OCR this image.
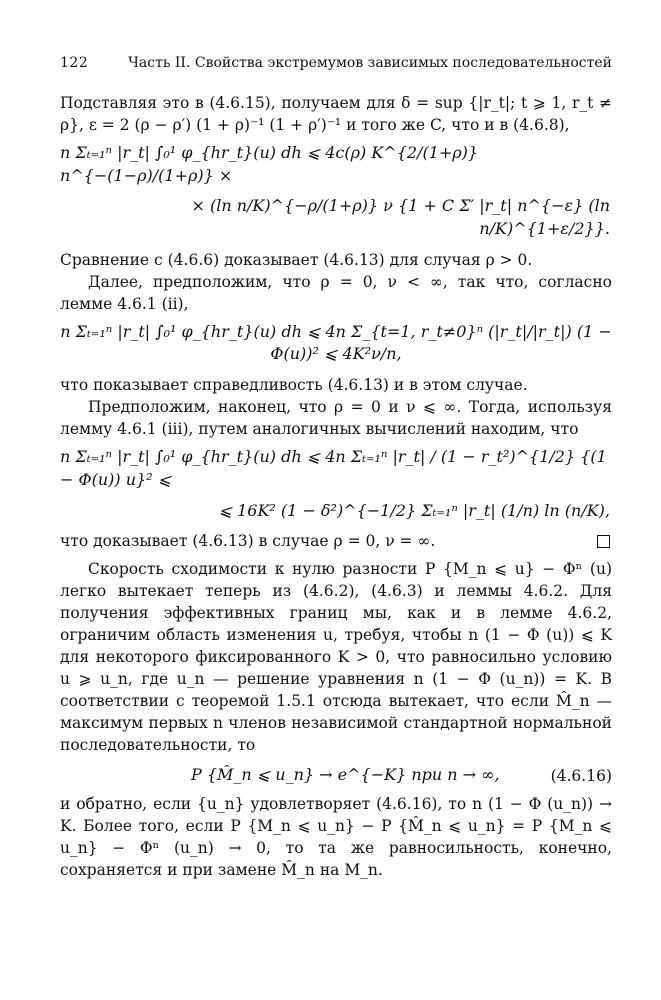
122	Часть II. Свойства экстремумов зависимых последовательностей

Подставляя это в (4.6.15), получаем для δ = sup {|r_t|; t ⩾ 1, r_t ≠ ρ}, ε = 2 (ρ − ρ′) (1 + ρ)⁻¹ (1 + ρ′)⁻¹ и того же C, что и в (4.6.8),

n Σₜ₌₁ⁿ |r_t| ∫₀¹ φ_{hr_t}(u) dh ⩽ 4c(ρ) K^{2/(1+ρ)} n^{−(1−ρ)/(1+ρ)} ×
× (ln n/K)^{−ρ/(1+ρ)} ν {1 + C Σ′ |r_t| n^{−ε} (ln n/K)^{1+ε/2}}.

Сравнение с (4.6.6) доказывает (4.6.13) для случая ρ > 0.

Далее, предположим, что ρ = 0, ν < ∞, так что, согласно лемме 4.6.1 (ii),

n Σₜ₌₁ⁿ |r_t| ∫₀¹ φ_{hr_t}(u) dh ⩽ 4n Σ_{t=1, r_t≠0}ⁿ (|r_t|/|r_t|) (1 − Φ(u))² ⩽ 4K²ν/n,

что показывает справедливость (4.6.13) и в этом случае.

Предположим, наконец, что ρ = 0 и ν ⩽ ∞. Тогда, используя лемму 4.6.1 (iii), путем аналогичных вычислений находим, что

n Σₜ₌₁ⁿ |r_t| ∫₀¹ φ_{hr_t}(u) dh ⩽ 4n Σₜ₌₁ⁿ |r_t| / (1 − r_t²)^{1/2} {(1 − Φ(u)) u}² ⩽
⩽ 16K² (1 − δ²)^{−1/2} Σₜ₌₁ⁿ |r_t| (1/n) ln (n/K),
что доказывает (4.6.13) в случае ρ = 0, ν = ∞.

Скорость сходимости к нулю разности P {M_n ⩽ u} − Φⁿ (u) легко вытекает теперь из (4.6.2), (4.6.3) и леммы 4.6.2. Для получения эффективных границ мы, как и в лемме 4.6.2, ограничим область изменения u, требуя, чтобы n (1 − Φ (u)) ⩽ K для некоторого фиксированного K > 0, что равносильно условию u ⩾ u_n, где u_n — решение уравнения n (1 − Φ (u_n)) = K. В соответствии с теоремой 1.5.1 отсюда вытекает, что если M̂_n — максимум первых n членов независимой стандартной нормальной последовательности, то

P {M̂_n ⩽ u_n} → e^{−K} при n → ∞,	(4.6.16)

и обратно, если {u_n} удовлетворяет (4.6.16), то n (1 − Φ (u_n)) → K. Более того, если P {M_n ⩽ u_n} − P {M̂_n ⩽ u_n} = P {M_n ⩽ u_n} − Φⁿ (u_n) → 0, то та же равносильность, конечно, сохраняется и при замене M̂_n на M_n.
